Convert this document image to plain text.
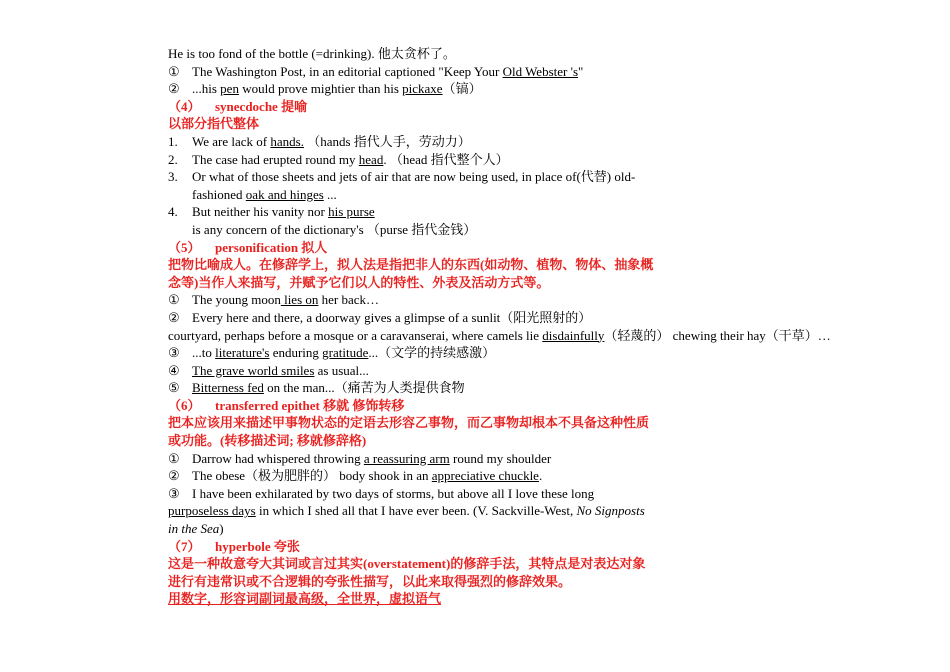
He is too fond of the bottle (=drinking). 他太贪杯了。
① The Washington Post, in an editorial captioned "Keep Your Old Webster 's"
② ...his pen would prove mightier than his pickaxe（镐）
（4） synecdoche 提喻
以部分指代整体
1. We are lack of hands. （hands 指代人手，劳动力）
2. The case had erupted round my head. （head 指代整个人）
3. Or what of those sheets and jets of air that are now being used, in place of(代替) old-fashioned oak and hinges ...
4. But neither his vanity nor his purse is any concern of the dictionary's （purse 指代金钱）
（5） personification 拟人
把物比喻成人。在修辞学上，拟人法是指把非人的东西(如动物、植物、物体、抽象概念等)当作人来描写，并赋予它们以人的特性、外表及活动方式等。
① The young moon lies on her back…
② Every here and there, a doorway gives a glimpse of a sunlit（阳光照射的）
courtyard, perhaps before a mosque or a caravanserai, where camels lie disdainfully（轻蔑的） chewing their hay（干草）…
③ ...to literature's enduring gratitude...（文学的持续感激）
④ The grave world smiles as usual...
⑤ Bitterness fed on the man...（痛苦为人类提供食物
（6） transferred epithet 移就 修饰转移
把本应该用来描述甲事物状态的定语去形容乙事物，而乙事物却根本不具备这种性质或功能。(转移描述词; 移就修辞格)
① Darrow had whispered throwing a reassuring arm round my shoulder
② The obese（极为肥胖的） body shook in an appreciative chuckle.
③ I have been exhilarated by two days of storms, but above all I love these long
purposeless days in which I shed all that I have ever been. (V. Sackville-West, No Signposts in the Sea)
（7） hyperbole 夸张
这是一种故意夸大其词或言过其实(overstatement)的修辞手法，其特点是对表达对象进行有违常识或不合逻辑的夸张性描写，以此来取得强烈的修辞效果。
用数字，形容词副词最高级，全世界，虚拟语气
